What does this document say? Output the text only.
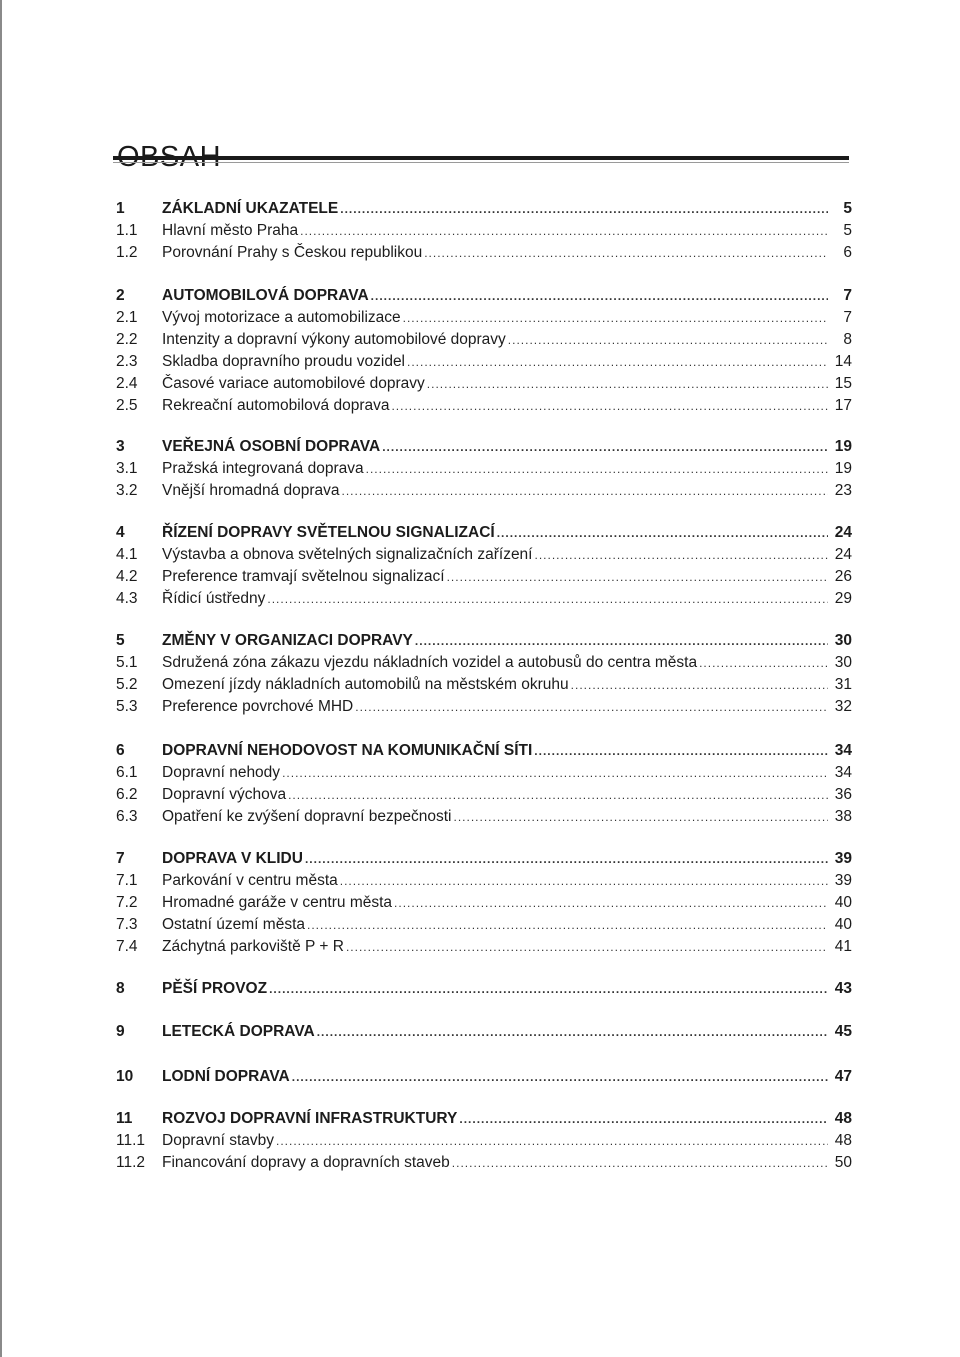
1	ZÁKLADNÍ UKAZATELE .....	5
1.1	Hlavní město Praha .....	5
1.2	Porovnání Prahy s Českou republikou .....	6
2	AUTOMOBILOVÁ DOPRAVA .....	7
2.1	Vývoj motorizace a automobilizace .....	7
2.2	Intenzity a dopravní výkony automobilové dopravy .....	8
2.3	Skladba dopravního proudu vozidel .....	14
2.4	Časové variace automobilové dopravy .....	15
2.5	Rekreační automobilová doprava .....	17
3	VEŘEJNÁ OSOBNÍ DOPRAVA .....	19
3.1	Pražská integrovaná doprava .....	19
3.2	Vnější hromadná doprava .....	23
4	ŘÍZENÍ DOPRAVY SVĚTELNOU SIGNALIZACÍ .....	24
4.1	Výstavba a obnova světelných signalizačních zařízení .....	24
4.2	Preference tramvají světelnou signalizací .....	26
4.3	Řídicí ústředny .....	29
5	ZMĚNY V ORGANIZACI DOPRAVY .....	30
5.1	Sdružená zóna zákazu vjezdu nákladních vozidel a autobusů do centra města .....	30
5.2	Omezení jízdy nákladních automobilů na městském okruhu .....	31
5.3	Preference povrchové MHD .....	32
6	DOPRAVNÍ NEHODOVOST NA KOMUNIKAČNÍ SÍTI .....	34
6.1	Dopravní nehody .....	34
6.2	Dopravní výchova .....	36
6.3	Opatření ke zvýšení dopravní bezpečnosti .....	38
7	DOPRAVA V KLIDU .....	39
7.1	Parkování v centru města .....	39
7.2	Hromadné garáže v centru města .....	40
7.3	Ostatní území města .....	40
7.4	Záchytná parkoviště P + R .....	41
8	PĚŠÍ PROVOZ .....	43
9	LETECKÁ DOPRAVA .....	45
10	LODNÍ DOPRAVA .....	47
11	ROZVOJ DOPRAVNÍ INFRASTRUKTURY .....	48
11.1	Dopravní stavby .....	48
11.2	Financování dopravy a dopravních staveb .....	50
